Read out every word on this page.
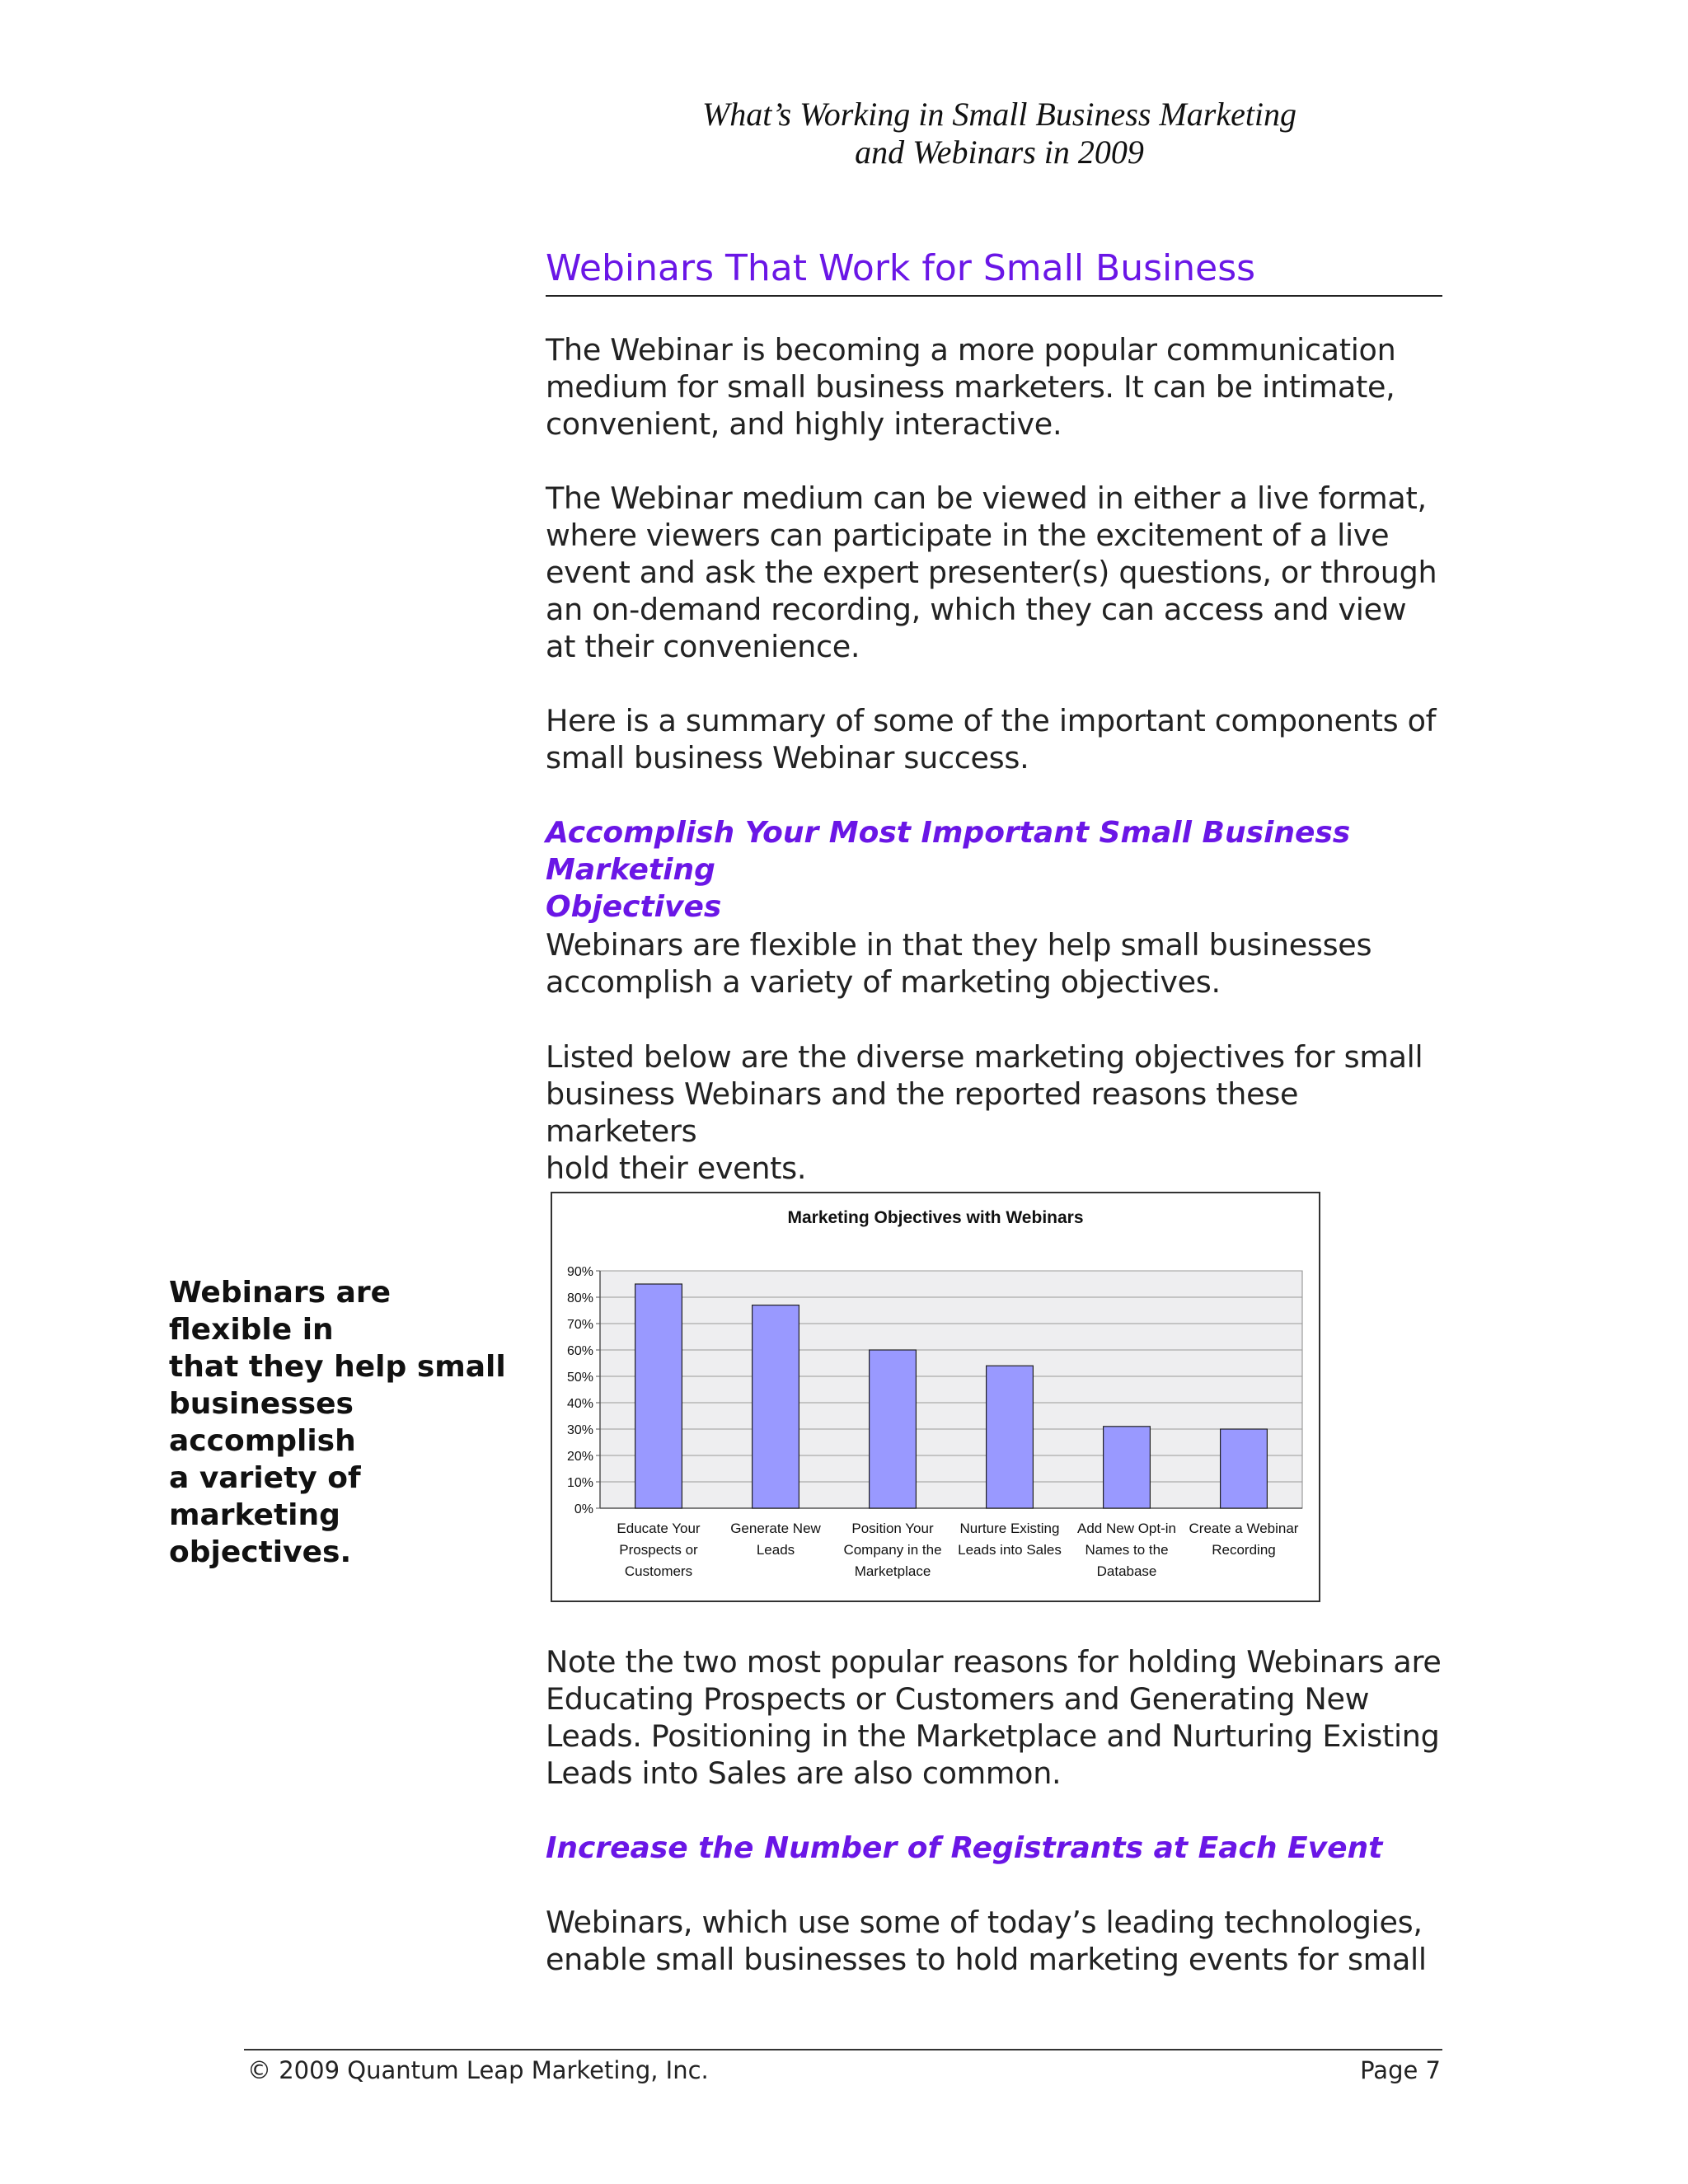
What’s Working in Small Business Marketing
and Webinars in 2009
Webinars That Work for Small Business
The Webinar is becoming a more popular communication
medium for small business marketers. It can be intimate,
convenient, and highly interactive.
The Webinar medium can be viewed in either a live format,
where viewers can participate in the excitement of a live
event and ask the expert presenter(s) questions, or through
an on-demand recording, which they can access and view
at their convenience.
Here is a summary of some of the important components of
small business Webinar success.
Accomplish Your Most Important Small Business Marketing
Objectives
Webinars are flexible in that they help small businesses
accomplish a variety of marketing objectives.
Listed below are the diverse marketing objectives for small
business Webinars and the reported reasons these marketers
hold their events.
Webinars are flexible in
that they help small
businesses accomplish
a variety of marketing
objectives.
Marketing Objectives with Webinars
0%
10%
20%
30%
40%
50%
60%
70%
80%
90%
Educate Your Prospects or Customers
Generate New Leads
Position Your Company in the Marketplace
Nurture Existing Leads into Sales
Add New Opt-in Names to the Database
Create a Webinar Recording
Note the two most popular reasons for holding Webinars are
Educating Prospects or Customers and Generating New
Leads. Positioning in the Marketplace and Nurturing Existing
Leads into Sales are also common.
Increase the Number of Registrants at Each Event
Webinars, which use some of today’s leading technologies,
enable small businesses to hold marketing events for small
© 2009 Quantum Leap Marketing, Inc.	Page 7
